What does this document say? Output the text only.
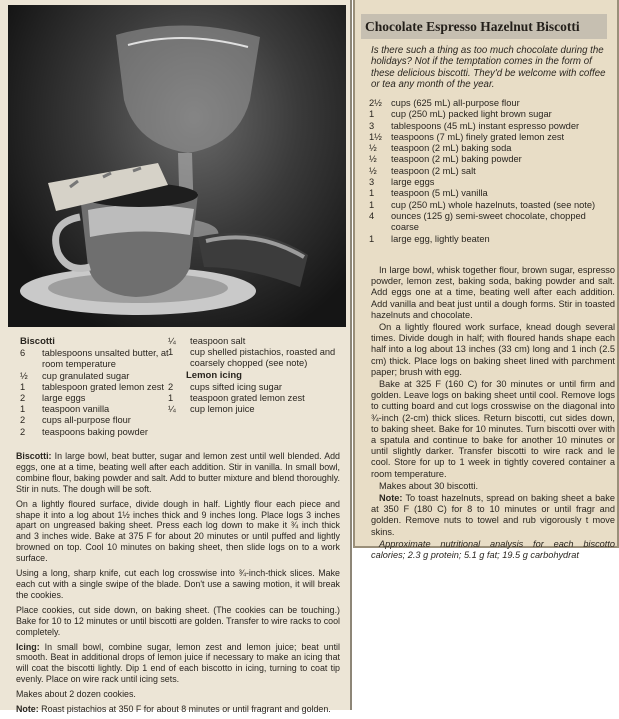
Biscotti
6	tablespoons unsalted butter, at room temperature
½	cup granulated sugar
1	tablespoon grated lemon zest
2	large eggs
1	teaspoon vanilla
2	cups all-purpose flour
2	teaspoons baking powder
¼	teaspoon salt
1	cup shelled pistachios, roasted and coarsely chopped (see note)
Lemon icing
2	cups sifted icing sugar
1	teaspoon grated lemon zest
¼	cup lemon juice

Biscotti: In large bowl, beat butter, sugar and lemon zest until well blended. Add eggs, one at a time, beating well after each addition. Stir in vanilla. In small bowl, combine flour, baking powder and salt. Add to butter mixture and blend thoroughly. Stir in nuts. The dough will be soft.

On a lightly floured surface, divide dough in half. Lightly flour each piece and shape it into a log about 1½ inches thick and 9 inches long. Place logs 3 inches apart on ungreased baking sheet. Press each log down to make it ¾ inch thick and 3 inches wide. Bake at 375 F for about 20 minutes or until puffed and lightly browned on top. Cool 10 minutes on baking sheet, then slide logs on to a work surface.

Using a long, sharp knife, cut each log crosswise into ¾-inch-thick slices. Make each cut with a single swipe of the blade. Don't use a sawing motion, it will break the cookies.

Place cookies, cut side down, on baking sheet. (The cookies can be touching.) Bake for 10 to 12 minutes or until biscotti are golden. Transfer to wire racks to cool completely.

Icing: In small bowl, combine sugar, lemon zest and lemon juice; beat until smooth. Beat in additional drops of lemon juice if necessary to make an icing that will coat the biscotti lightly. Dip 1 end of each biscotto in icing, turning to coat tip evenly. Place on wire rack until icing sets.

Makes about 2 dozen cookies.

Note: Roast pistachios at 350 F for about 8 minutes or until fragrant and golden.

Chocolate Espresso Hazelnut Biscotti
Is there such a thing as too much chocolate during the holidays? Not if the temptation comes in the form of these delicious biscotti. They'd be welcome with coffee or tea any month of the year.
2½ cups (625 mL) all-purpose flour
1	cup (250 mL) packed light brown sugar
3	tablespoons (45 mL) instant espresso powder
1½ teaspoons (7 mL) finely grated lemon zest
½	teaspoon (2 mL) baking soda
½	teaspoon (2 mL) baking powder
½	teaspoon (2 mL) salt
3	large eggs
1	teaspoon (5 mL) vanilla
1	cup (250 mL) whole hazelnuts, toasted (see note)
4	ounces (125 g) semi-sweet chocolate, chopped coarse
1	large egg, lightly beaten

In large bowl, whisk together flour, brown sugar, espresso powder, lemon zest, baking soda, baking powder and salt. Add eggs one at a time, beating well after each addition. Add vanilla and beat just until a dough forms. Stir in toasted hazelnuts and chocolate.

On a lightly floured work surface, knead dough several times. Divide dough in half; with floured hands shape each half into a log about 13 inches (33 cm) long and 1 inch (2.5 cm) thick. Place logs on baking sheet lined with parchment paper; brush with egg.

Bake at 325 F (160 C) for 30 minutes or until firm and golden. Leave logs on baking sheet until cool. Remove logs to cutting board and cut logs crosswise on the diagonal into ¾-inch (2-cm) thick slices. Return biscotti, cut sides down, to baking sheet. Bake for 10 minutes. Turn biscotti over with a spatula and continue to bake for another 10 minutes or until slightly darker. Transfer biscotti to wire rack and le cool. Store for up to 1 week in tightly covered container a room temperature.

Makes about 30 biscotti.

Note: To toast hazelnuts, spread on baking sheet a bake at 350 F (180 C) for 8 to 10 minutes or until fragr and golden. Remove nuts to towel and rub vigorously t move skins.

Approximate nutritional analysis for each biscotto calories; 2.3 g protein; 5.1 g fat; 19.5 g carbohydrat
